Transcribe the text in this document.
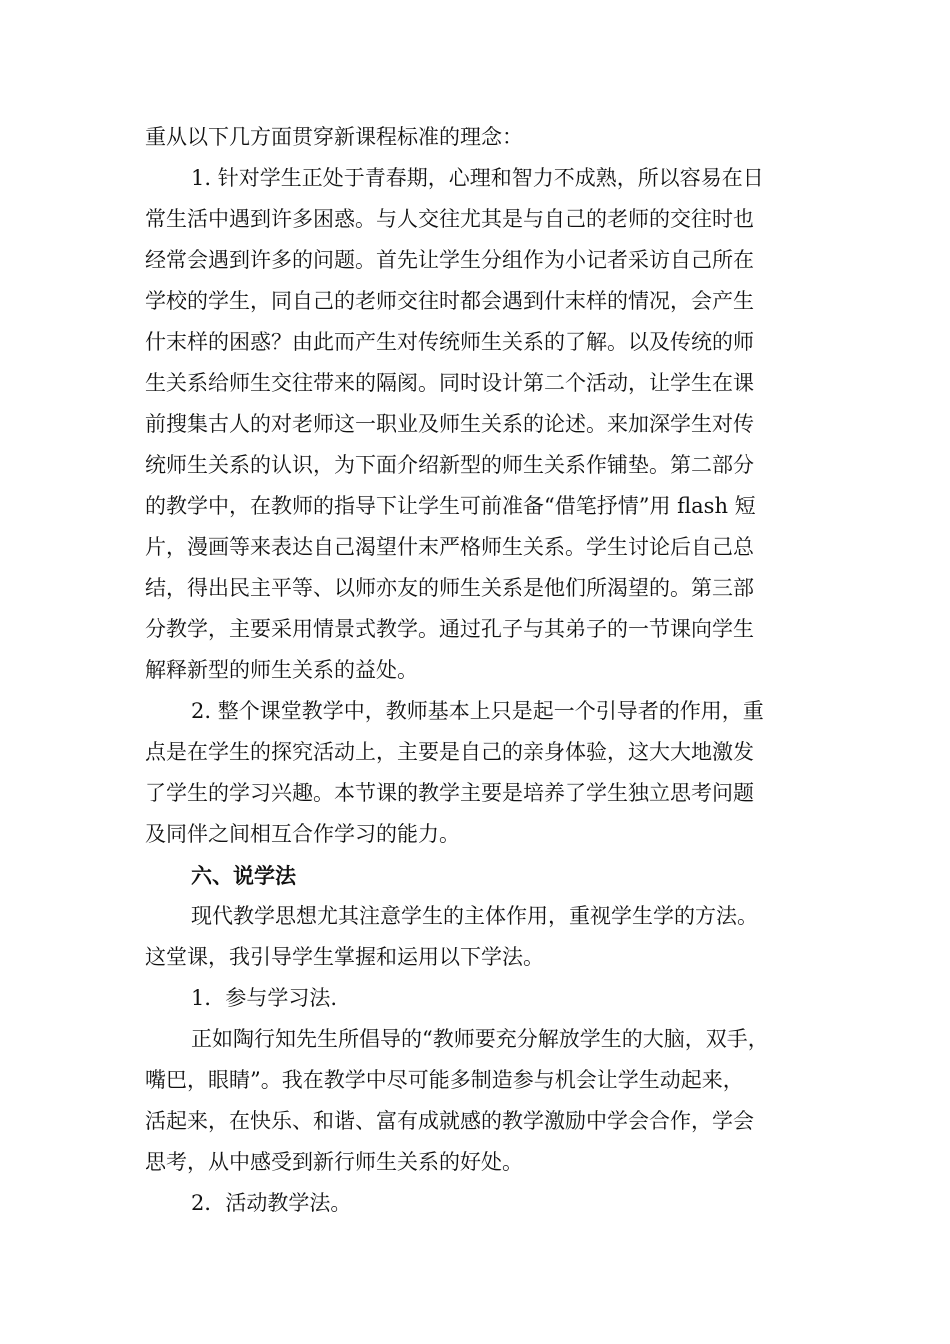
重从以下几方面贯穿新课程标准的理念：
1. 针对学生正处于青春期，心理和智力不成熟，所以容易在日
常生活中遇到许多困惑。与人交往尤其是与自己的老师的交往时也
经常会遇到许多的问题。首先让学生分组作为小记者采访自己所在
学校的学生，同自己的老师交往时都会遇到什末样的情况，会产生
什末样的困惑？由此而产生对传统师生关系的了解。以及传统的师
生关系给师生交往带来的隔阂。同时设计第二个活动，让学生在课
前搜集古人的对老师这一职业及师生关系的论述。来加深学生对传
统师生关系的认识，为下面介绍新型的师生关系作铺垫。第二部分
的教学中，在教师的指导下让学生可前准备“借笔抒情”用 flash 短
片，漫画等来表达自己渴望什末严格师生关系。学生讨论后自己总
结，得出民主平等、以师亦友的师生关系是他们所渴望的。第三部
分教学，主要采用情景式教学。通过孔子与其弟子的一节课向学生
解释新型的师生关系的益处。
2. 整个课堂教学中，教师基本上只是起一个引导者的作用，重
点是在学生的探究活动上，主要是自己的亲身体验，这大大地激发
了学生的学习兴趣。本节课的教学主要是培养了学生独立思考问题
及同伴之间相互合作学习的能力。
六、说学法
现代教学思想尤其注意学生的主体作用，重视学生学的方法。
这堂课，我引导学生掌握和运用以下学法。
1．参与学习法.
正如陶行知先生所倡导的“教师要充分解放学生的大脑，双手，
嘴巴，眼睛”。我在教学中尽可能多制造参与机会让学生动起来，
活起来，在快乐、和谐、富有成就感的教学激励中学会合作，学会
思考，从中感受到新行师生关系的好处。
2．活动教学法。
